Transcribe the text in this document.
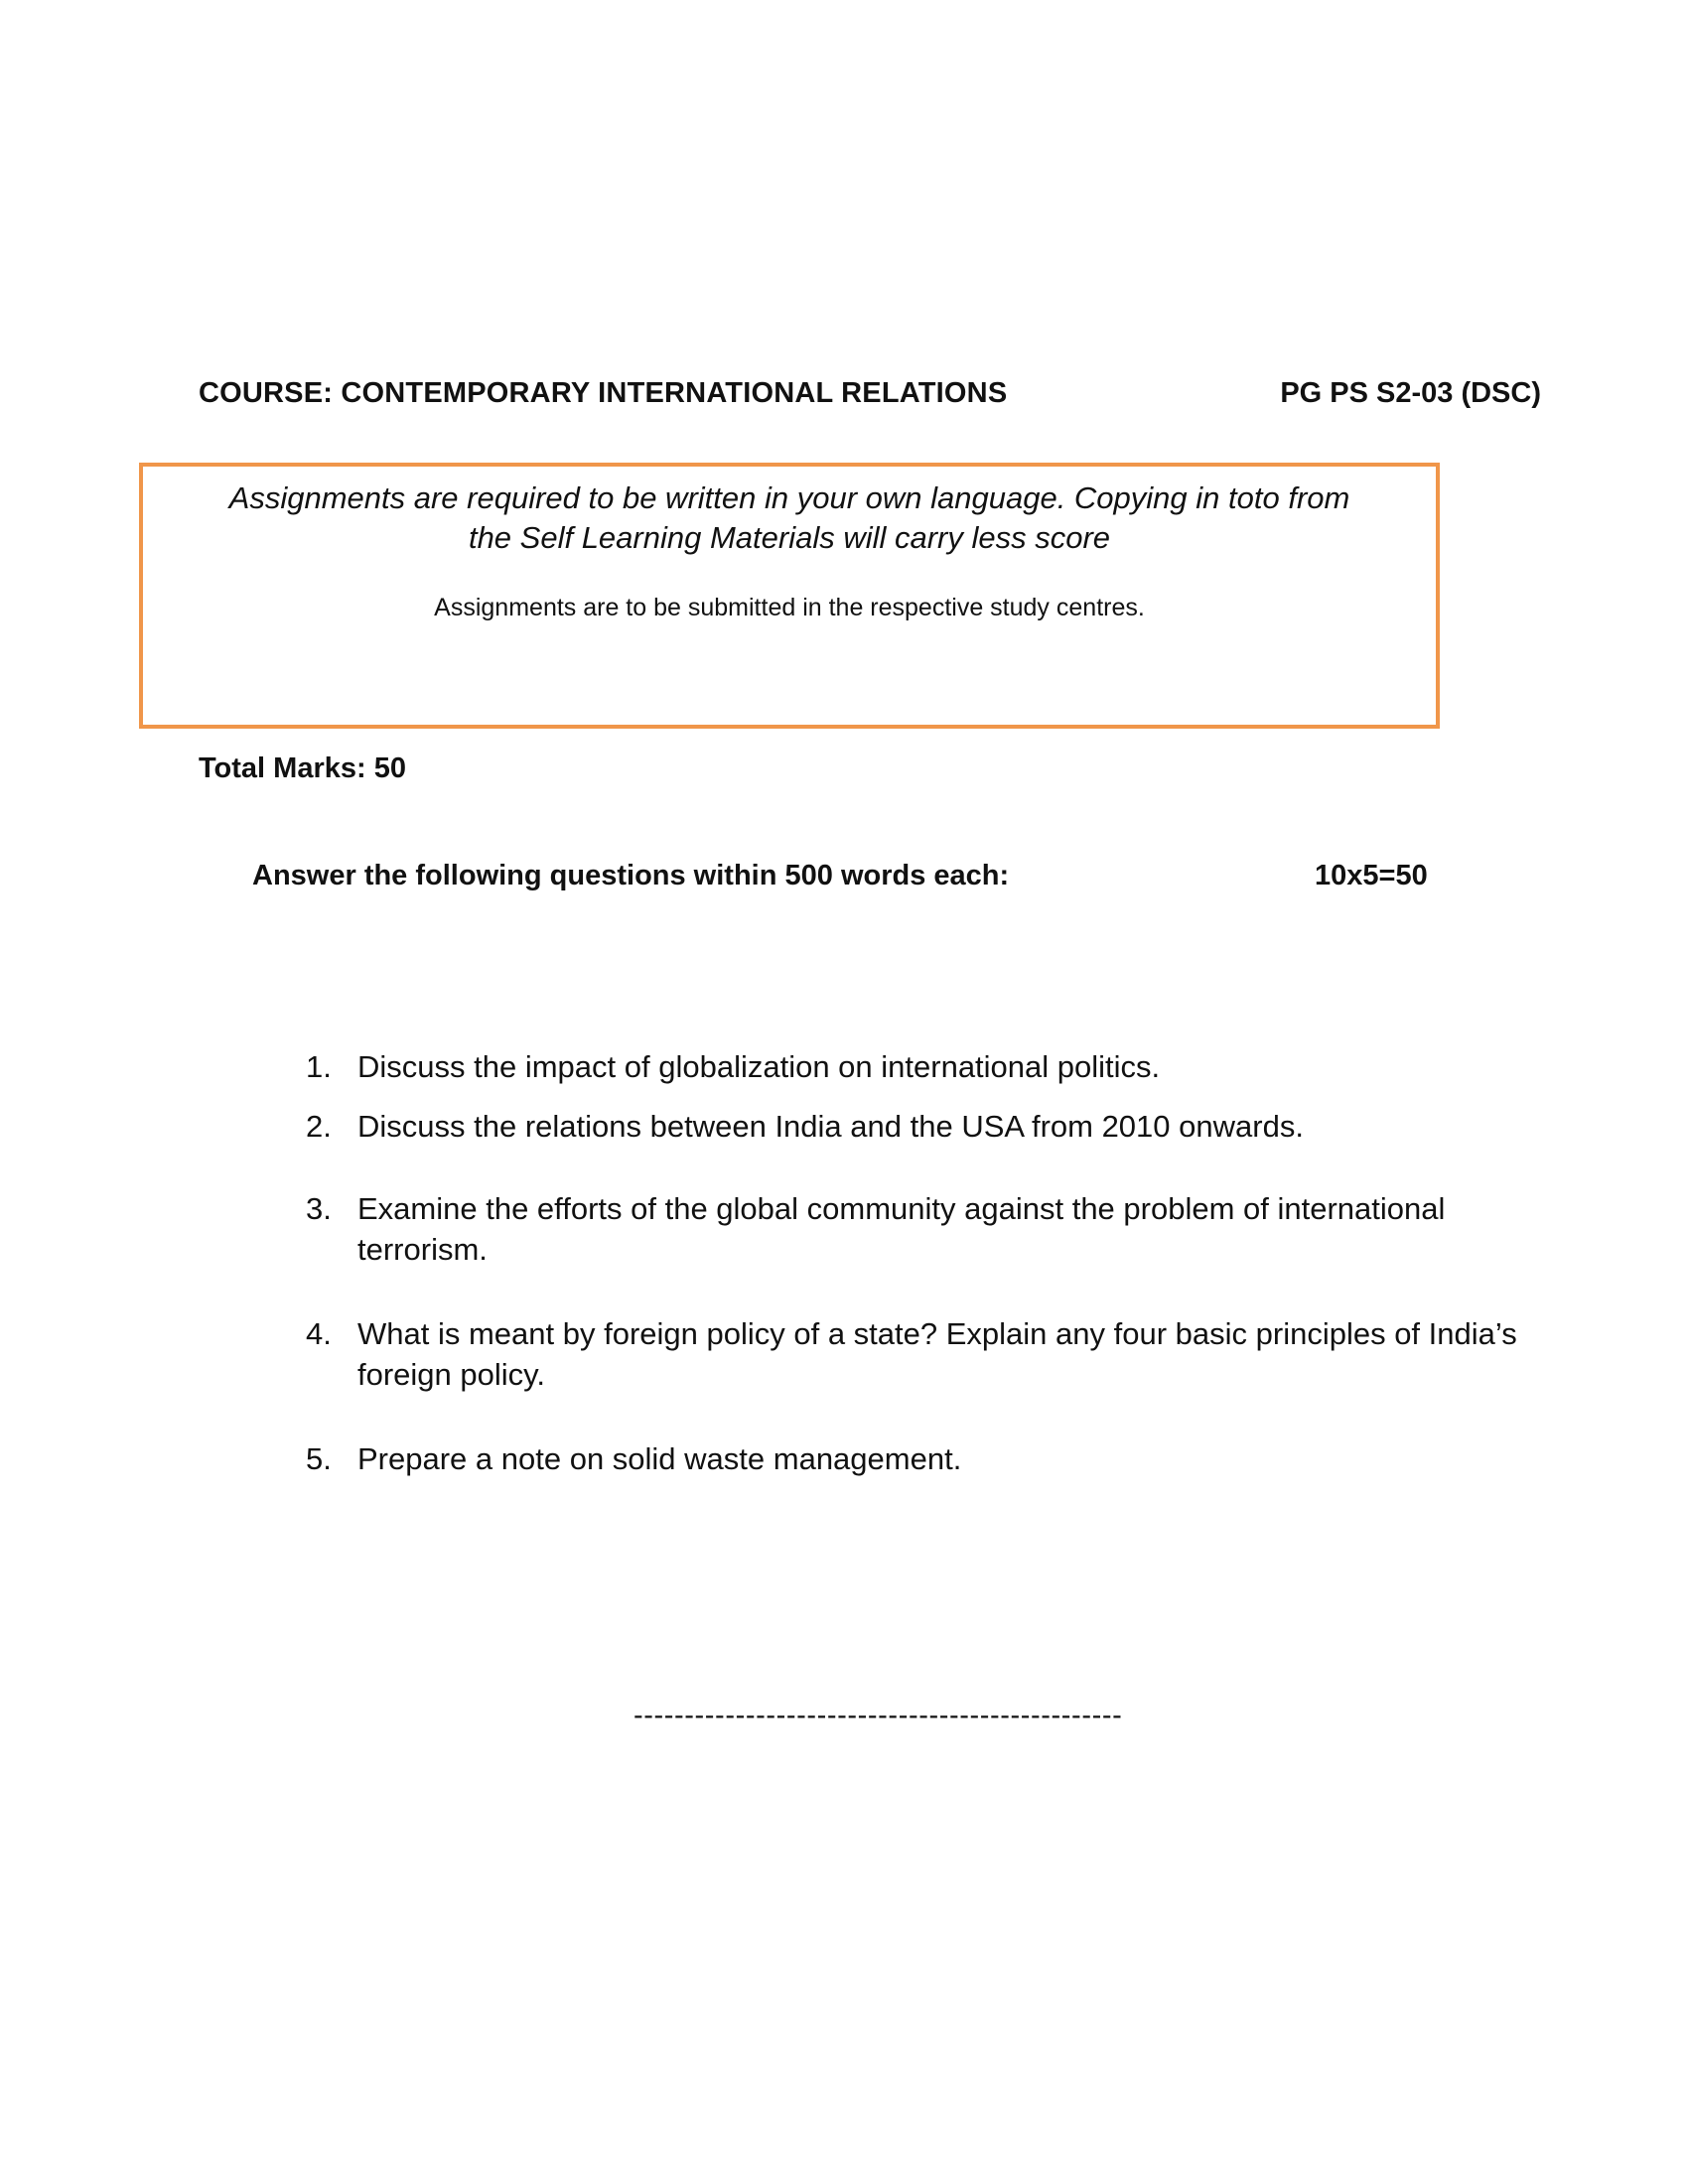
COURSE: CONTEMPORARY INTERNATIONAL RELATIONS	PG PS S2-03 (DSC)
Assignments are required to be written in your own language. Copying in toto from
the Self Learning Materials will carry less score
Assignments are to be submitted in the respective study centres.
Total Marks: 50
Answer the following questions within 500 words each:	10x5=50
1. Discuss the impact of globalization on international politics.
2. Discuss the relations between India and the USA from 2010 onwards.
3. Examine the efforts of the global community against the problem of international terrorism.
4. What is meant by foreign policy of a state? Explain any four basic principles of India’s foreign policy.
5. Prepare a note on solid waste management.
------------------------------------------------
